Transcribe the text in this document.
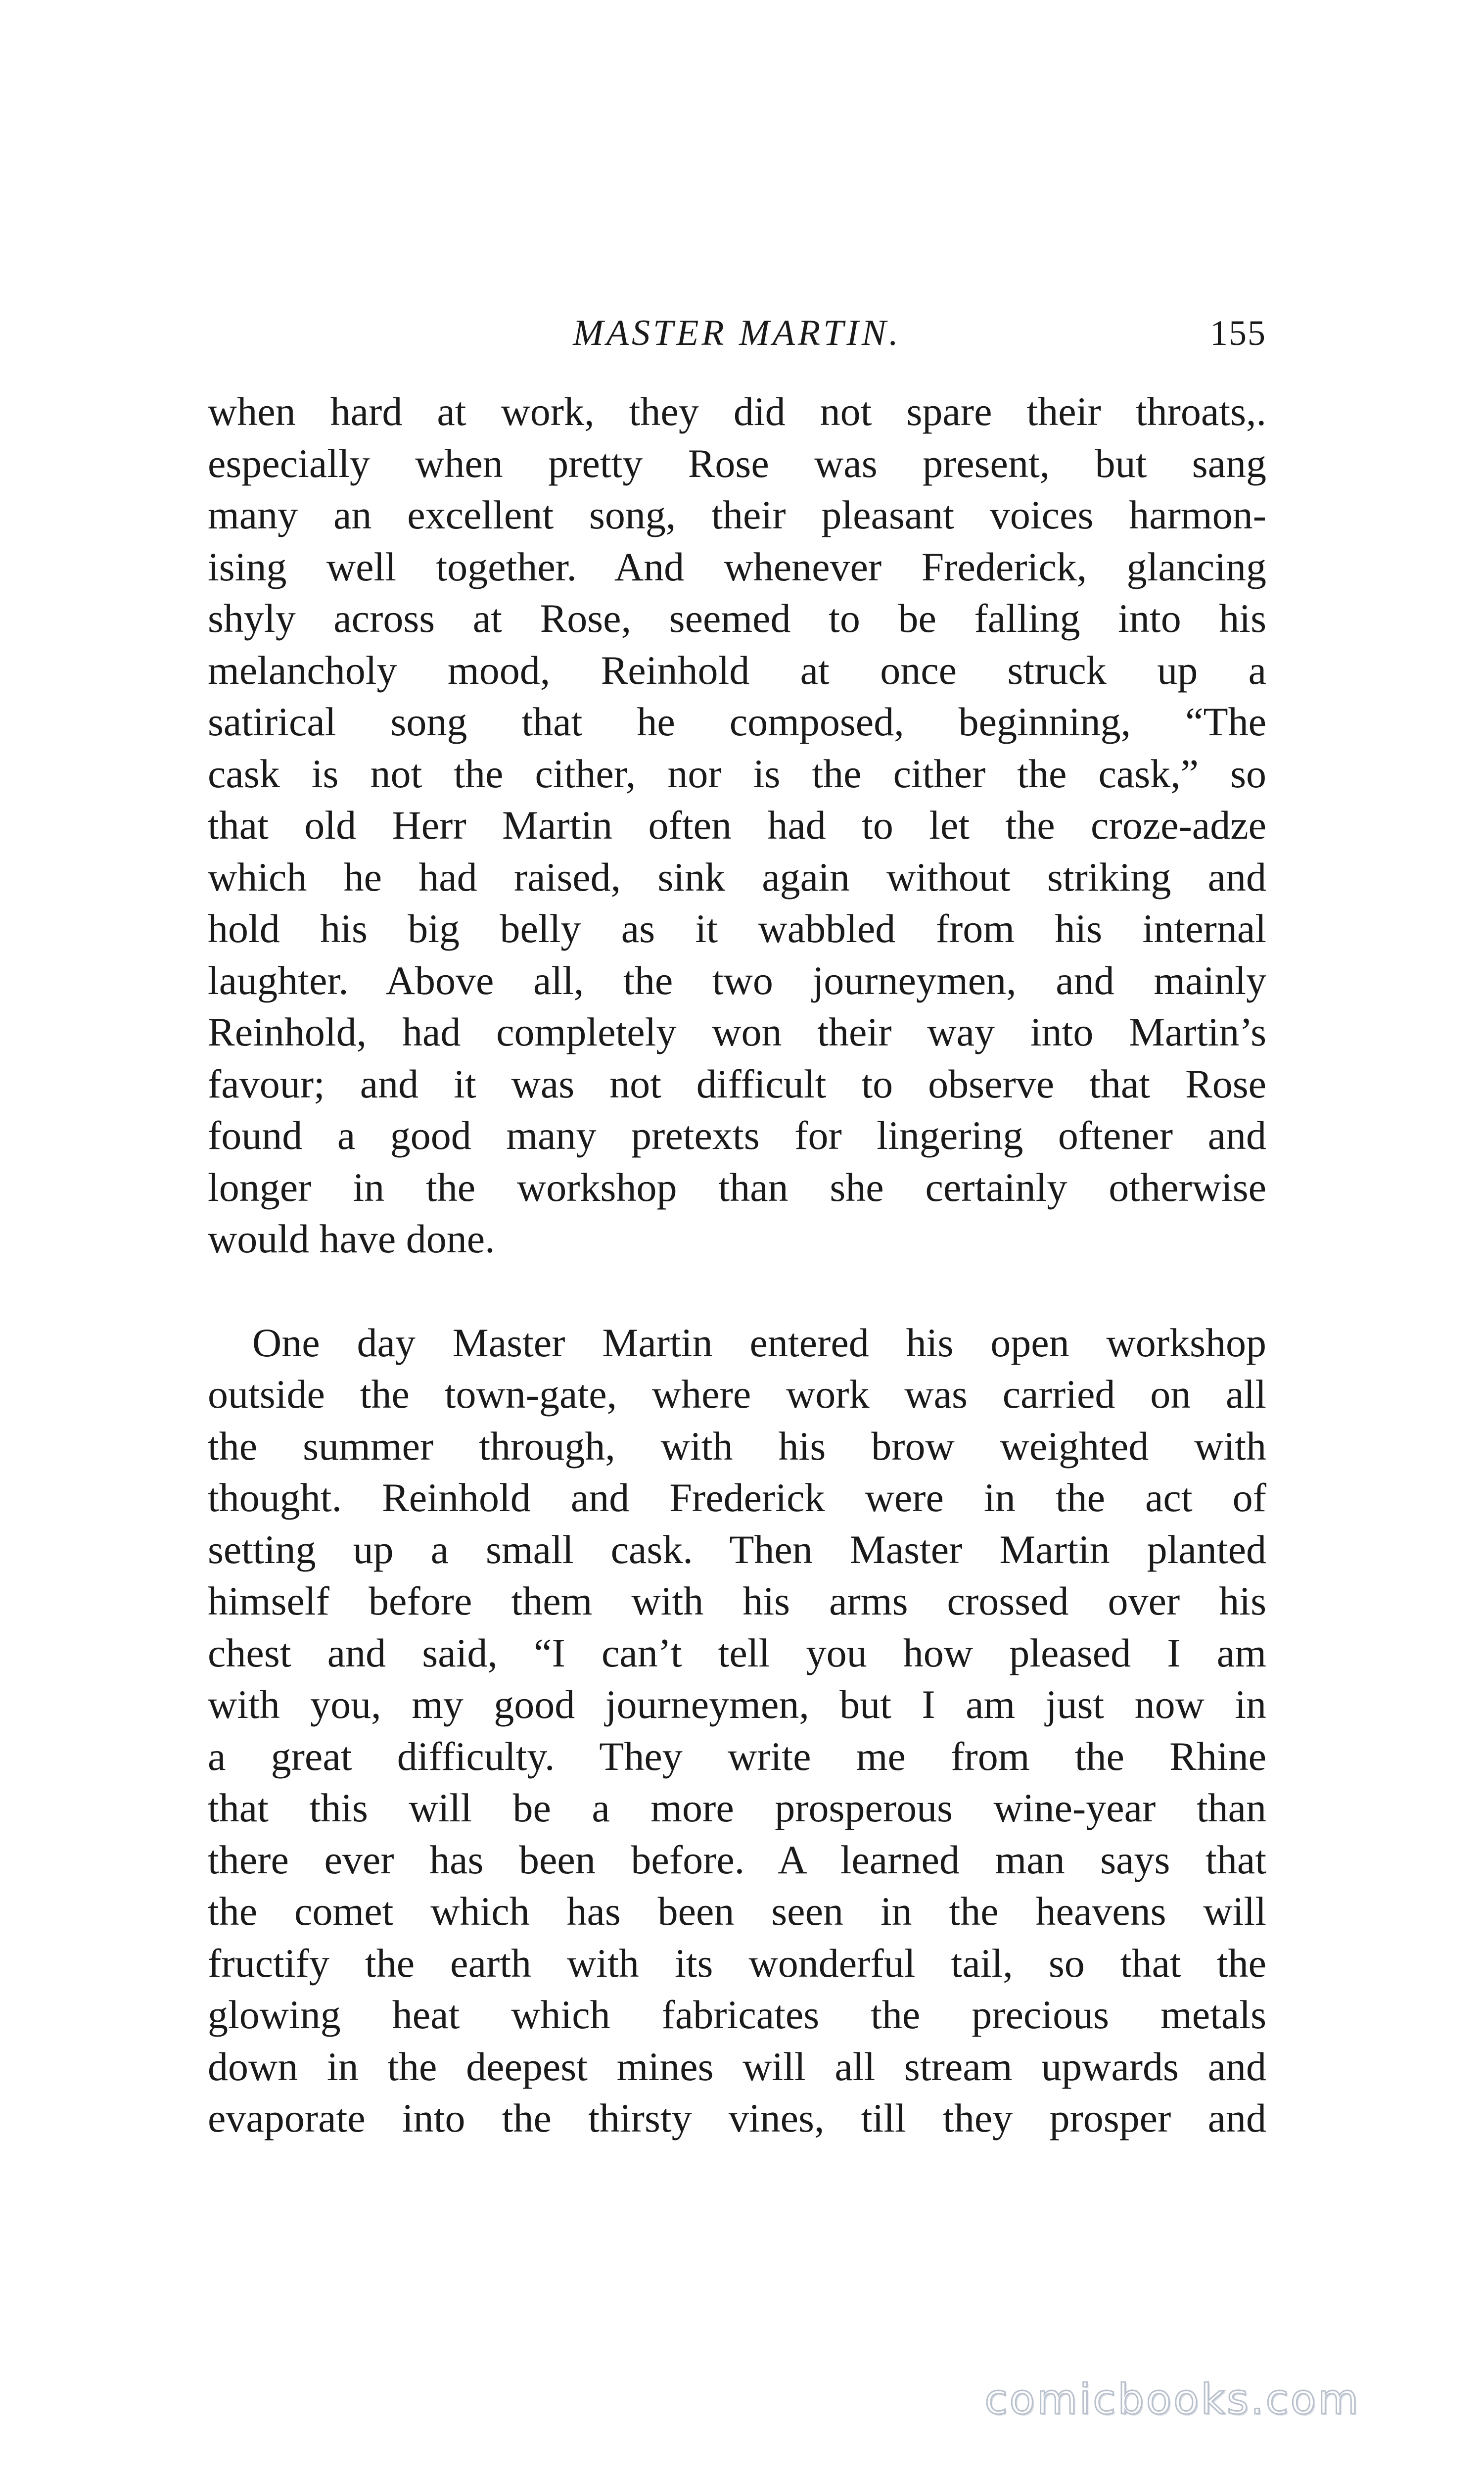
MASTER MARTIN.	155
when hard at work, they did not spare their throats,.
especially when pretty Rose was present, but sang
many an excellent song, their pleasant voices harmon-
ising well together. And whenever Frederick, glancing
shyly across at Rose, seemed to be falling into his
melancholy mood, Reinhold at once struck up a
satirical song that he composed, beginning, “The
cask is not the cither, nor is the cither the cask,” so
that old Herr Martin often had to let the croze-adze
which he had raised, sink again without striking and
hold his big belly as it wabbled from his internal
laughter. Above all, the two journeymen, and mainly
Reinhold, had completely won their way into Martin’s
favour; and it was not difficult to observe that Rose
found a good many pretexts for lingering oftener and
longer in the workshop than she certainly otherwise
would have done.
One day Master Martin entered his open workshop
outside the town-gate, where work was carried on all
the summer through, with his brow weighted with
thought. Reinhold and Frederick were in the act of
setting up a small cask. Then Master Martin planted
himself before them with his arms crossed over his
chest and said, “I can’t tell you how pleased I am
with you, my good journeymen, but I am just now in
a great difficulty. They write me from the Rhine
that this will be a more prosperous wine-year than
there ever has been before. A learned man says that
the comet which has been seen in the heavens will
fructify the earth with its wonderful tail, so that the
glowing heat which fabricates the precious metals
down in the deepest mines will all stream upwards and
evaporate into the thirsty vines, till they prosper and
comicbooks.com
